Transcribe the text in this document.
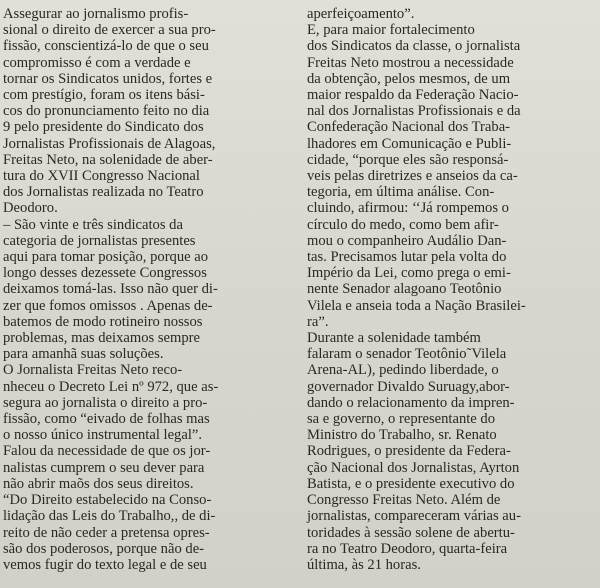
Assegurar ao jornalismo profis-
sional o direito de exercer a sua pro-
fissão, conscientizá-lo de que o seu
compromisso é com a verdade e
tornar os Sindicatos unidos, fortes e
com prestígio, foram os itens bási-
cos do pronunciamento feito no dia
9 pelo presidente do Sindicato dos
Jornalistas Profissionais de Alagoas,
Freitas Neto, na solenidade de aber-
tura do XVII Congresso Nacional
dos Jornalistas realizada no Teatro
Deodoro.

– São vinte e três sindicatos da
categoria de jornalistas presentes
aqui para tomar posição, porque ao
longo desses dezessete Congressos
deixamos tomá-las. Isso não quer di-
zer que fomos omissos . Apenas de-
batemos de modo rotineiro nossos
problemas, mas deixamos sempre
para amanhã suas soluções.

O Jornalista Freitas Neto reco-
nheceu o Decreto Lei nº 972, que as-
segura ao jornalista o direito a pro-
fissão, como “eivado de folhas mas
o nosso único instrumental legal”.
Falou da necessidade de que os jor-
nalistas cumprem o seu dever para
não abrir maõs dos seus direitos.
“Do Direito estabelecido na Conso-
lidação das Leis do Trabalho,, de di-
reito de não ceder a pretensa opres-
são dos poderosos, porque não de-
vemos fugir do texto legal e de seu

aperfeiçoamento”.

E, para maior fortalecimento
dos Sindicatos da classe, o jornalista
Freitas Neto mostrou a necessidade
da obtenção, pelos mesmos, de um
maior respaldo da Federação Nacio-
nal dos Jornalistas Profissionais e da
Confederação Nacional dos Traba-
lhadores em Comunicação e Publi-
cidade, “porque eles são responsá-
veis pelas diretrizes e anseios da ca-
tegoria, em última análise. Con-
cluindo, afirmou: ‘‘Já rompemos o
círculo do medo, como bem afir-
mou o companheiro Audálio Dan-
tas. Precisamos lutar pela volta do
Império da Lei, como prega o emi-
nente Senador alagoano Teotônio
Vilela e anseia toda a Nação Brasilei-
ra”.

Durante a solenidade também
falaram o senador Teotônio˜Vilela
Arena-AL), pedindo liberdade, o
governador Divaldo Suruagy,abor-
dando o relacionamento da impren-
sa e governo, o representante do
Ministro do Trabalho, sr. Renato
Rodrigues, o presidente da Federa-
ção Nacional dos Jornalistas, Ayrton
Batista, e o presidente executivo do
Congresso Freitas Neto. Além de
jornalistas, compareceram várias au-
toridades à sessão solene de abertu-
ra no Teatro Deodoro, quarta-feira
última, às 21 horas.
